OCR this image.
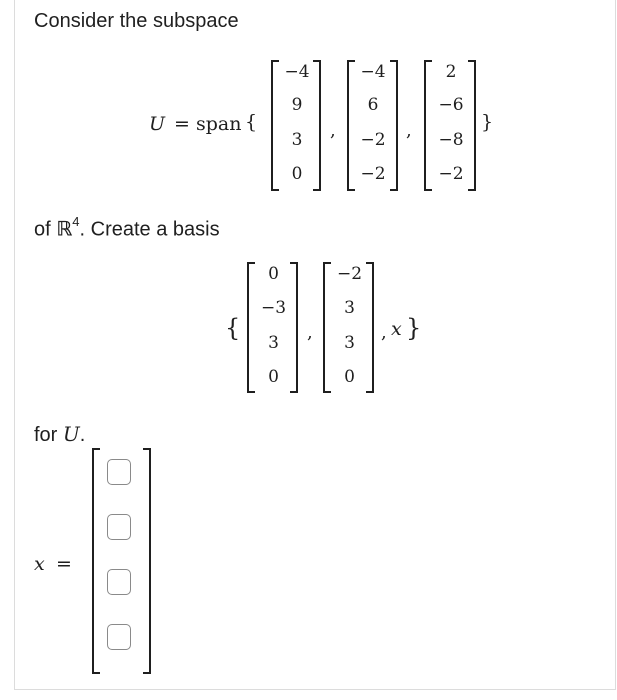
Consider the subspace
U = span {
−4
9
3
0
,
−4
6
−2
−2
,
2
−6
−8
−2
}
of ℝ$^4$. Create a basis
{
0
−3
3
0
,
−2
3
3
0
, x }
for U.
x =
